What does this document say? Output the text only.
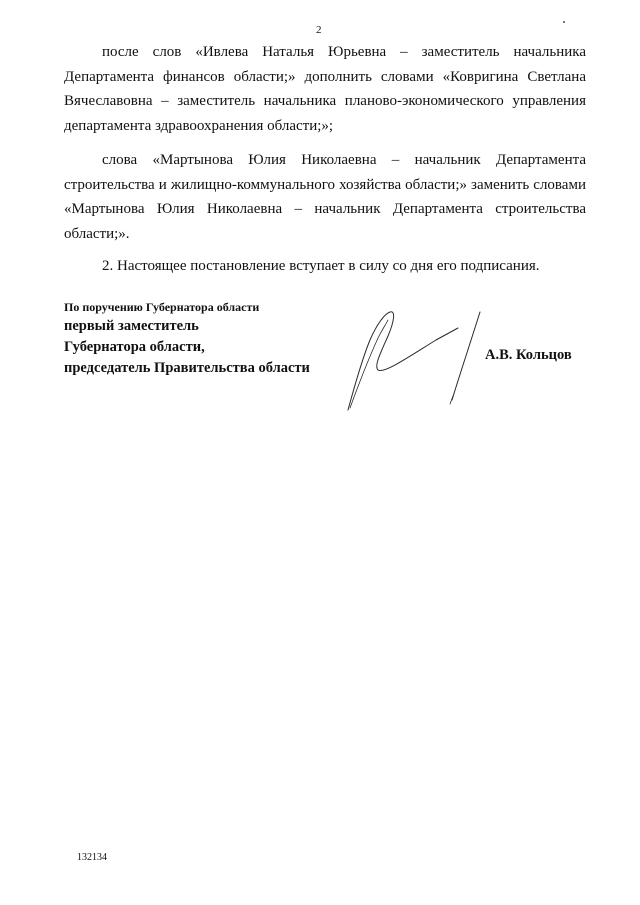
2

после слов «Ивлева Наталья Юрьевна – заместитель начальника Департамента финансов области;» дополнить словами «Ковригина Светлана Вячеславовна – заместитель начальника планово-экономического управления департамента здравоохранения области;»;

слова «Мартынова Юлия Николаевна – начальник Департамента строительства и жилищно-коммунального хозяйства области;» заменить словами «Мартынова Юлия Николаевна – начальник Департамента строительства области;».

2. Настоящее постановление вступает в силу со дня его подписания.

По поручению Губернатора области
первый заместитель
Губернатора области,
председатель Правительства области
А.В. Кольцов
132134
